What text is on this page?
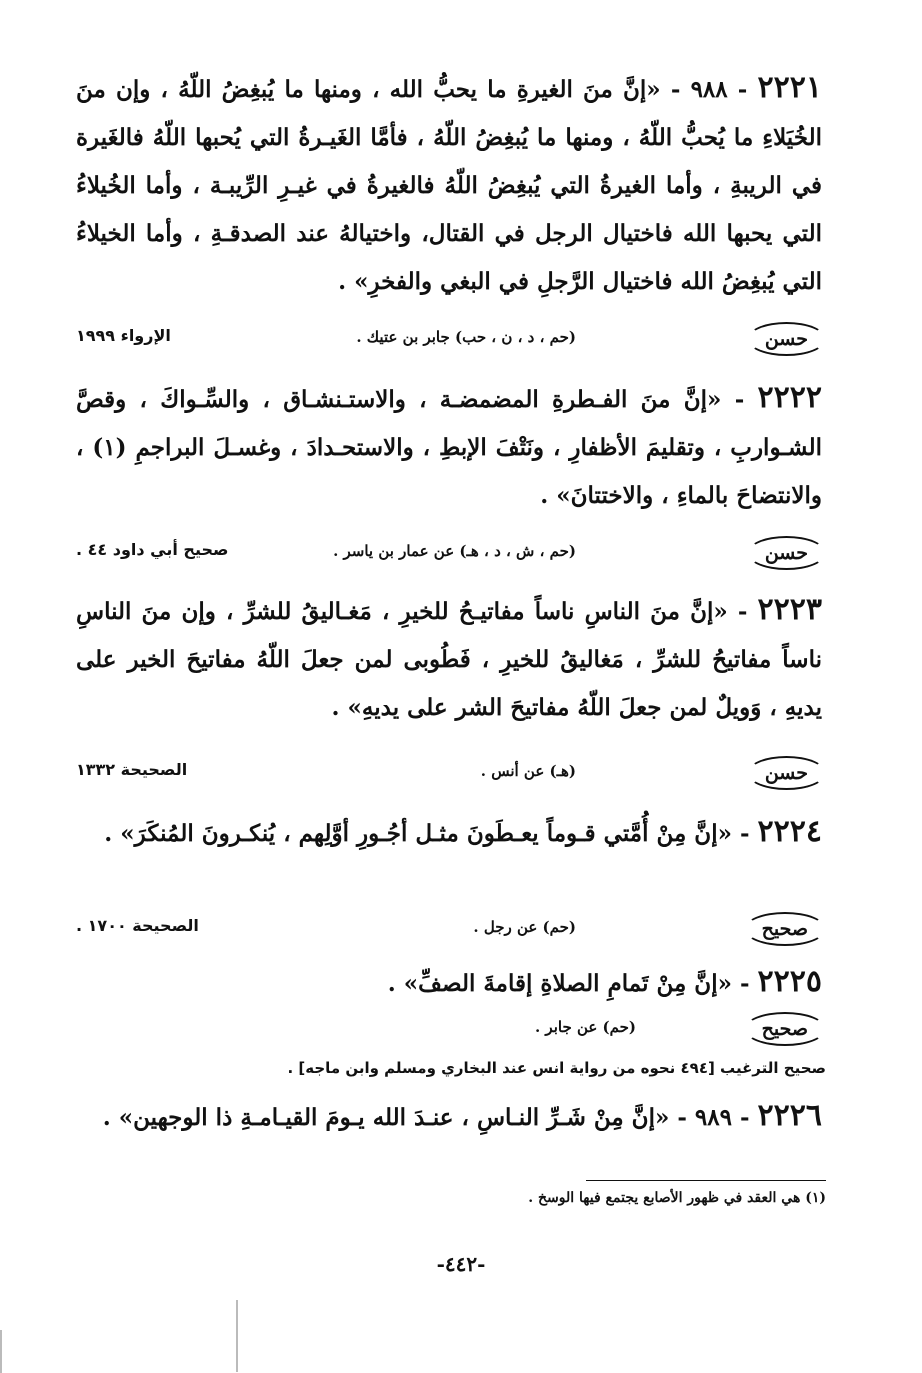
٢٢٢١ - ٩٨٨ - «إنَّ منَ الغيرةِ ما يحبُّ الله ، ومنها ما يُبغِضُ اللّهُ ، وإن منَ الخُيَلاءِ ما يُحبُّ اللّهُ ، ومنها ما يُبغِضُ اللّهُ ، فأمَّا الغَيـرةُ التي يُحبها اللّهُ فالغَيرة في الريبةِ ، وأما الغيرةُ التي يُبغِضُ اللّهُ فالغيرةُ في غيـرِ الرِّيبـة ، وأما الخُيلاءُ التي يحبها الله فاختيال الرجل في القتال، واختيالهُ عند الصدقـةِ ، وأما الخيلاءُ التي يُبغِضُ الله فاختيال الرَّجلِ في البغي والفخرِ» .

حسن
(حم ، د ، ن ، حب) جابر بن عتيك .
الإرواء ١٩٩٩

٢٢٢٢ - «إنَّ منَ الفـطرةِ المضمضـة ، والاستـنشـاق ، والسِّـواكَ ، وقصَّ الشـواربِ ، وتقليمَ الأظفارِ ، ونَتْفَ الإبطِ ، والاستحـدادَ ، وغسـلَ البراجمِ (١) ، والانتضاحَ بالماءِ ، والاختتانَ» .

حسن
(حم ، ش ، د ، هـ) عن عمار بن ياسر .
صحيح أبي داود ٤٤ .

٢٢٢٣ - «إنَّ منَ الناسِ ناساً مفاتيـحُ للخيرِ ، مَغـاليقُ للشرِّ ، وإن منَ الناسِ ناساً مفاتيحُ للشرِّ ، مَغاليقُ للخيرِ ، فَطُوبى لمن جعلَ اللّهُ مفاتيحَ الخير على يديهِ ، وَويلٌ لمن جعلَ اللّهُ مفاتيحَ الشر على يديهِ» .

حسن
(هـ) عن أنس .
الصحيحة ١٣٣٢

٢٢٢٤ - «إنَّ مِنْ أُمَّتي قـوماً يعـطَونَ مثـل أجُـورِ أوَّلِهم ، يُنكـرونَ المُنكَرَ» .

صحيح
(حم) عن رجل .
الصحيحة ١٧٠٠ .

٢٢٢٥ - «إنَّ مِنْ تَمامِ الصلاةِ إقامةَ الصفِّ» .

صحيح
(حم) عن جابر .
صحيح الترغيب [٤٩٤ نحوه من رواية انس عند البخاري ومسلم وابن ماجه] .

٢٢٢٦ - ٩٨٩ - «إنَّ مِنْ شَـرِّ النـاسِ ، عنـدَ الله يـومَ القيـامـةِ ذا الوجهين» .

(١) هي العقد في ظهور الأصابع يجتمع فيها الوسخ .
-٤٤٢-
